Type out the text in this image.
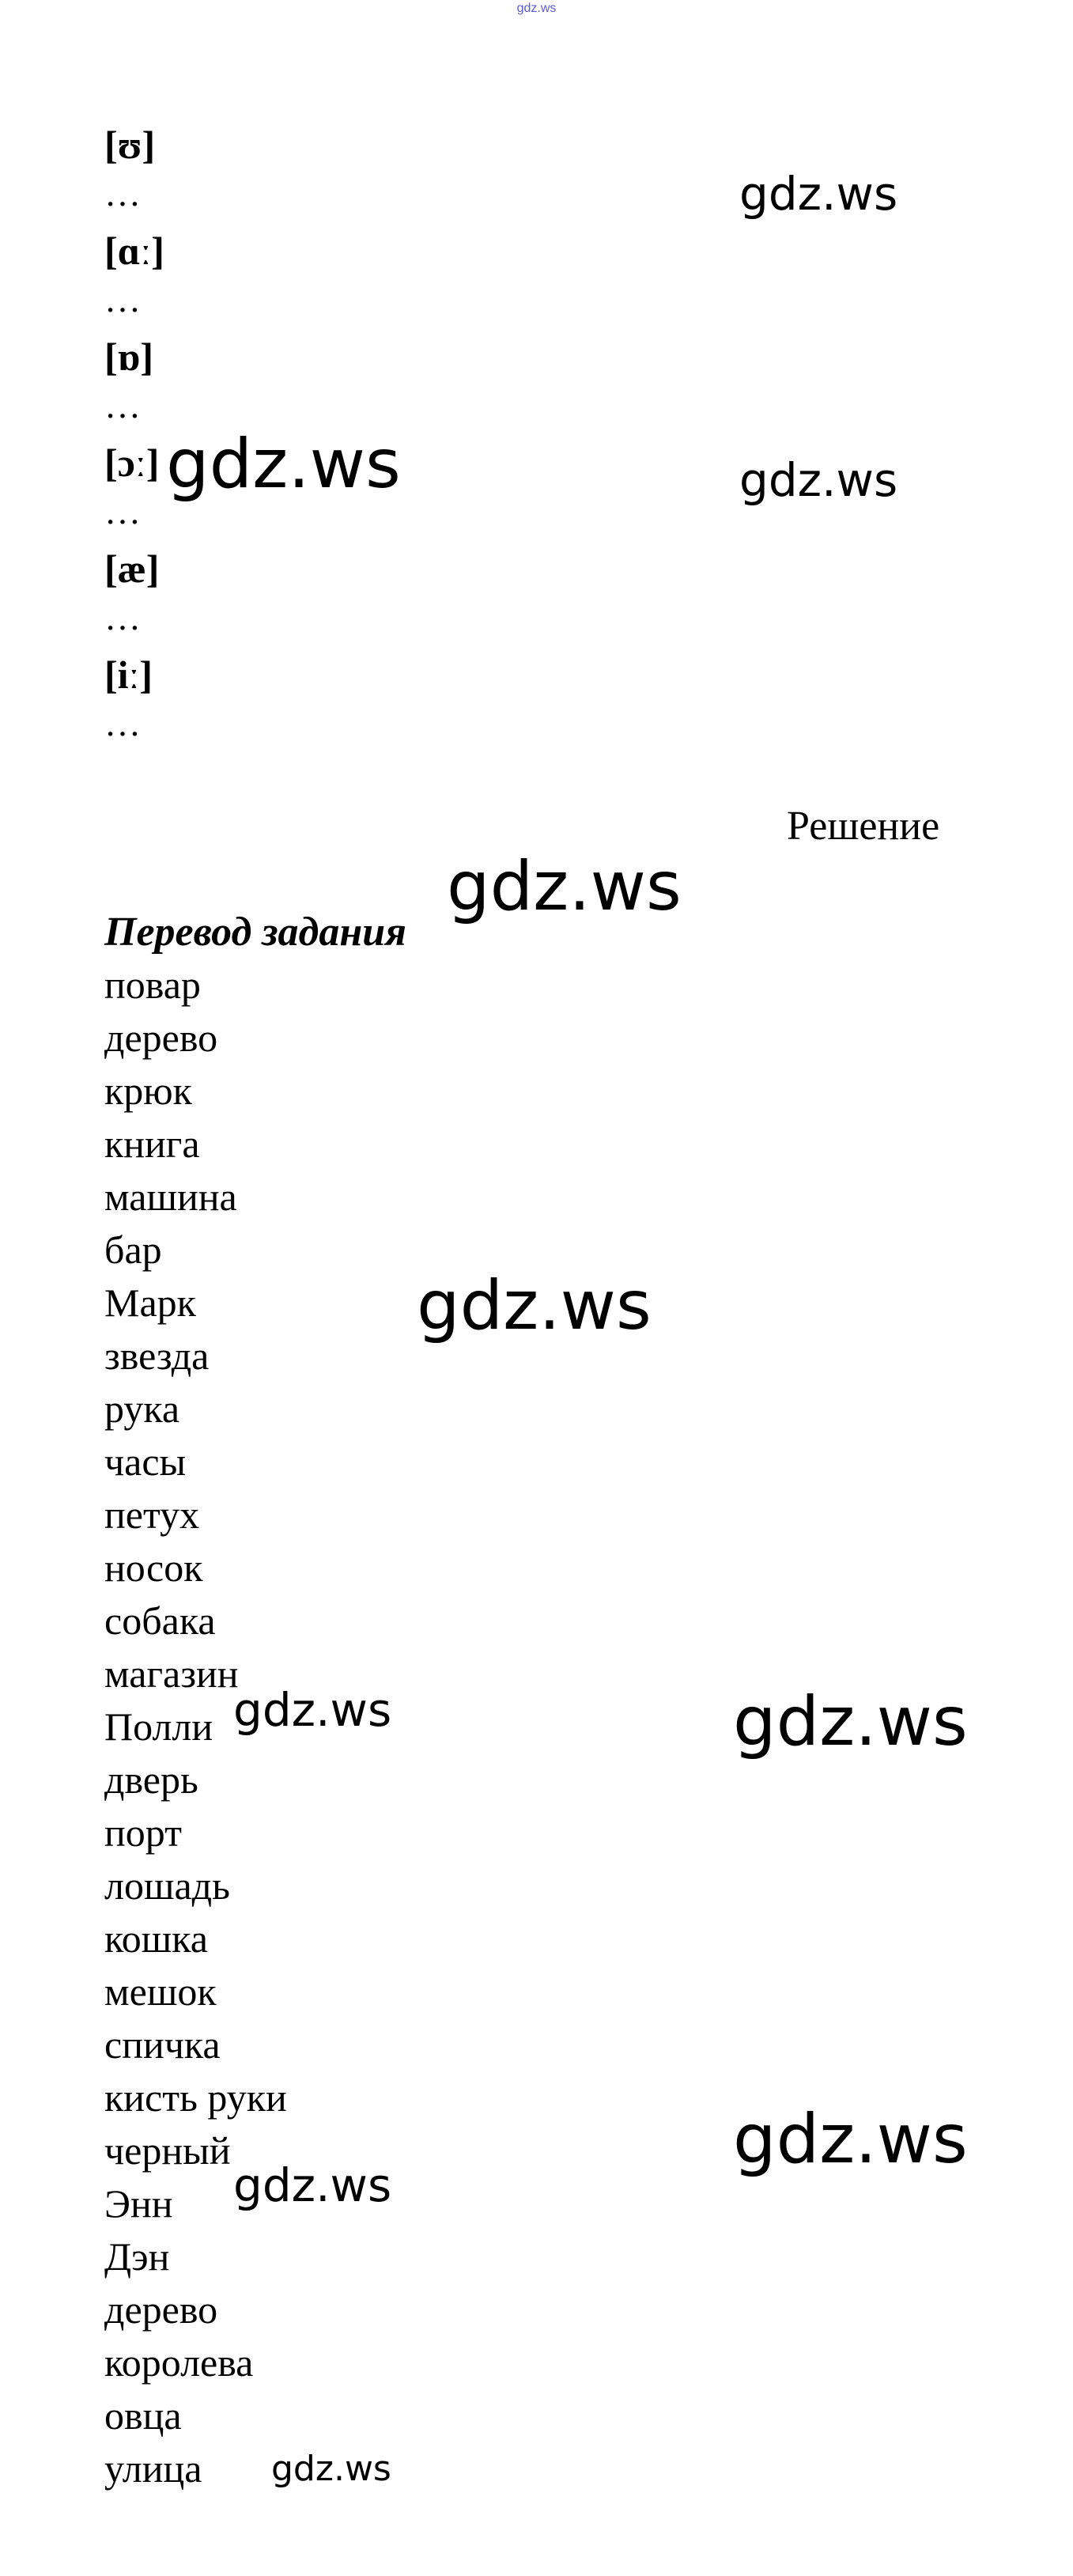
gdz.ws
[ʊ]
…
[ɑː]
…
[ɒ]
…
[ɔː]
…
[æ]
…
[iː]
…
Решение
Перевод задания
повар
дерево
крюк
книга
машина
бар
Марк
звезда
рука
часы
петух
носок
собака
магазин
Полли
дверь
порт
лошадь
кошка
мешок
спичка
кисть руки
черный
Энн
Дэн
дерево
королева
овца
улица
gdz.ws
gdz.ws	gdz.ws
gdz.ws
gdz.ws
gdz.ws	gdz.ws
gdz.ws
gdz.ws
gdz.ws
